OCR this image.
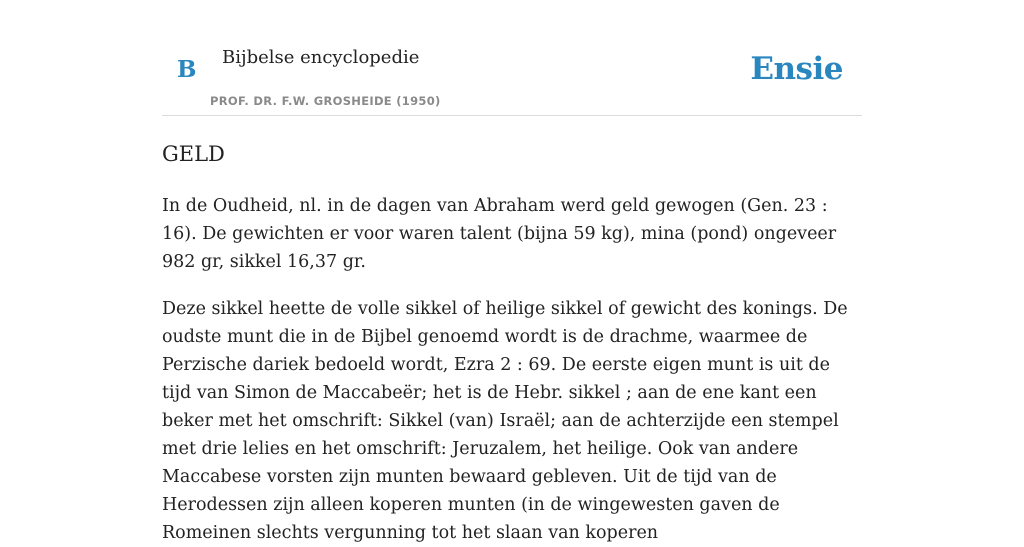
B Bijbelse encyclopedie
PROF. DR. F.W. GROSHEIDE (1950)
Ensie
GELD

In de Oudheid, nl. in de dagen van Abraham werd geld gewogen (Gen. 23 : 16). De gewichten er voor waren talent (bijna 59 kg), mina (pond) ongeveer 982 gr, sikkel 16,37 gr.

Deze sikkel heette de volle sikkel of heilige sikkel of gewicht des konings. De oudste munt die in de Bijbel genoemd wordt is de drachme, waarmee de Perzische dariek bedoeld wordt, Ezra 2 : 69. De eerste eigen munt is uit de tijd van Simon de Maccabeër; het is de Hebr. sikkel ; aan de ene kant een beker met het omschrift: Sikkel (van) Israël; aan de achterzijde een stempel met drie lelies en het omschrift: Jeruzalem, het heilige. Ook van andere Maccabese vorsten zijn munten bewaard gebleven. Uit de tijd van de Herodessen zijn alleen koperen munten (in de wingewesten gaven de Romeinen slechts vergunning tot het slaan van koperen
